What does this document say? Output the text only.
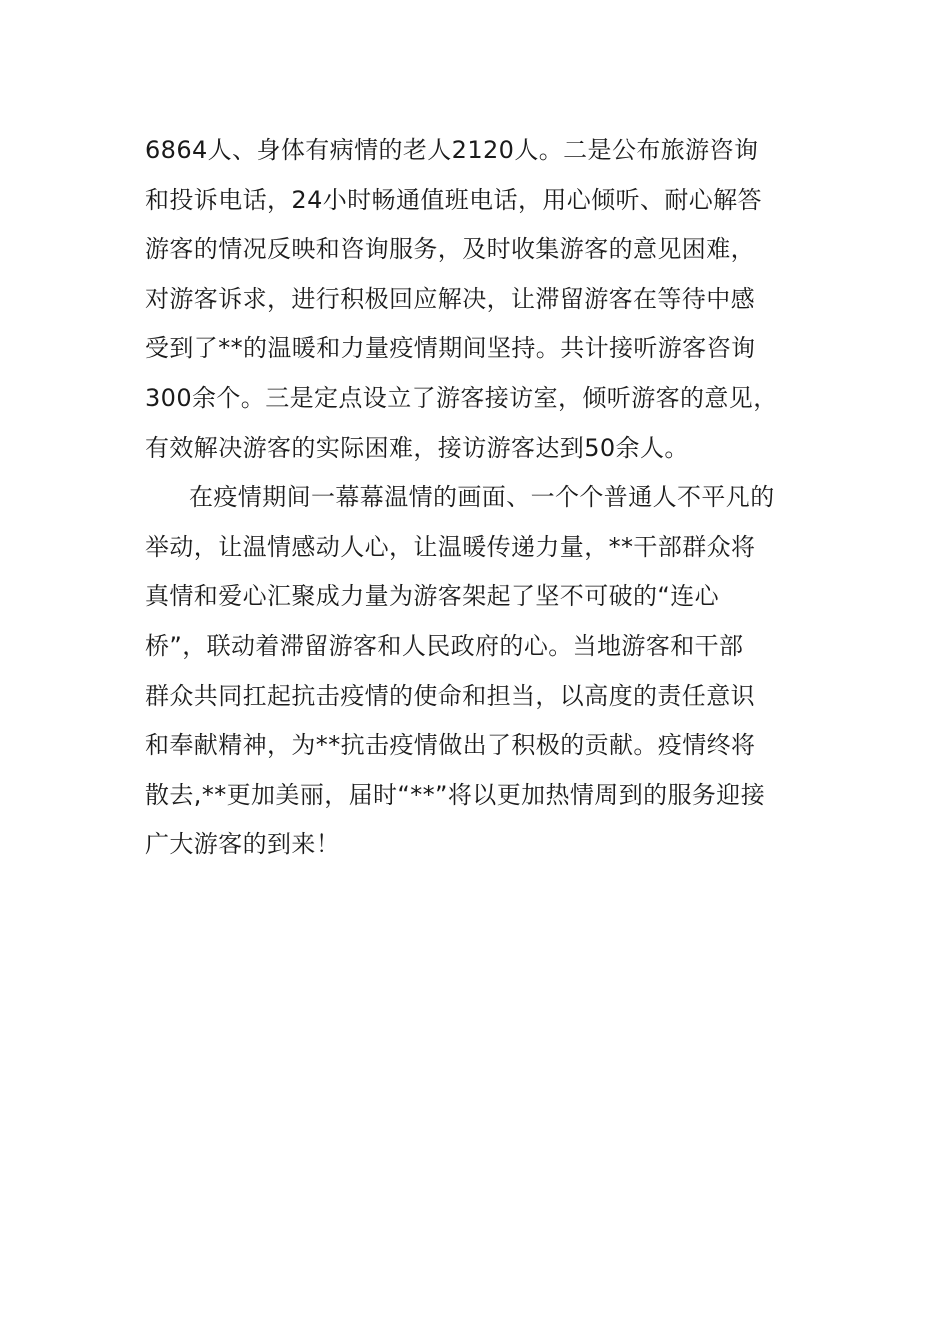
6864人、身体有病情的老人2120人。二是公布旅游咨询
和投诉电话，24小时畅通值班电话，用心倾听、耐心解答
游客的情况反映和咨询服务，及时收集游客的意见困难，
对游客诉求，进行积极回应解决，让滞留游客在等待中感
受到了**的温暖和力量疫情期间坚持。共计接听游客咨询
300余个。三是定点设立了游客接访室，倾听游客的意见，
有效解决游客的实际困难，接访游客达到50余人。
在疫情期间一幕幕温情的画面、一个个普通人不平凡的
举动，让温情感动人心，让温暖传递力量，**干部群众将
真情和爱心汇聚成力量为游客架起了坚不可破的“连心
桥”，联动着滞留游客和人民政府的心。当地游客和干部
群众共同扛起抗击疫情的使命和担当，以高度的责任意识
和奉献精神，为**抗击疫情做出了积极的贡献。疫情终将
散去,**更加美丽，届时“**”将以更加热情周到的服务迎接
广大游客的到来！
